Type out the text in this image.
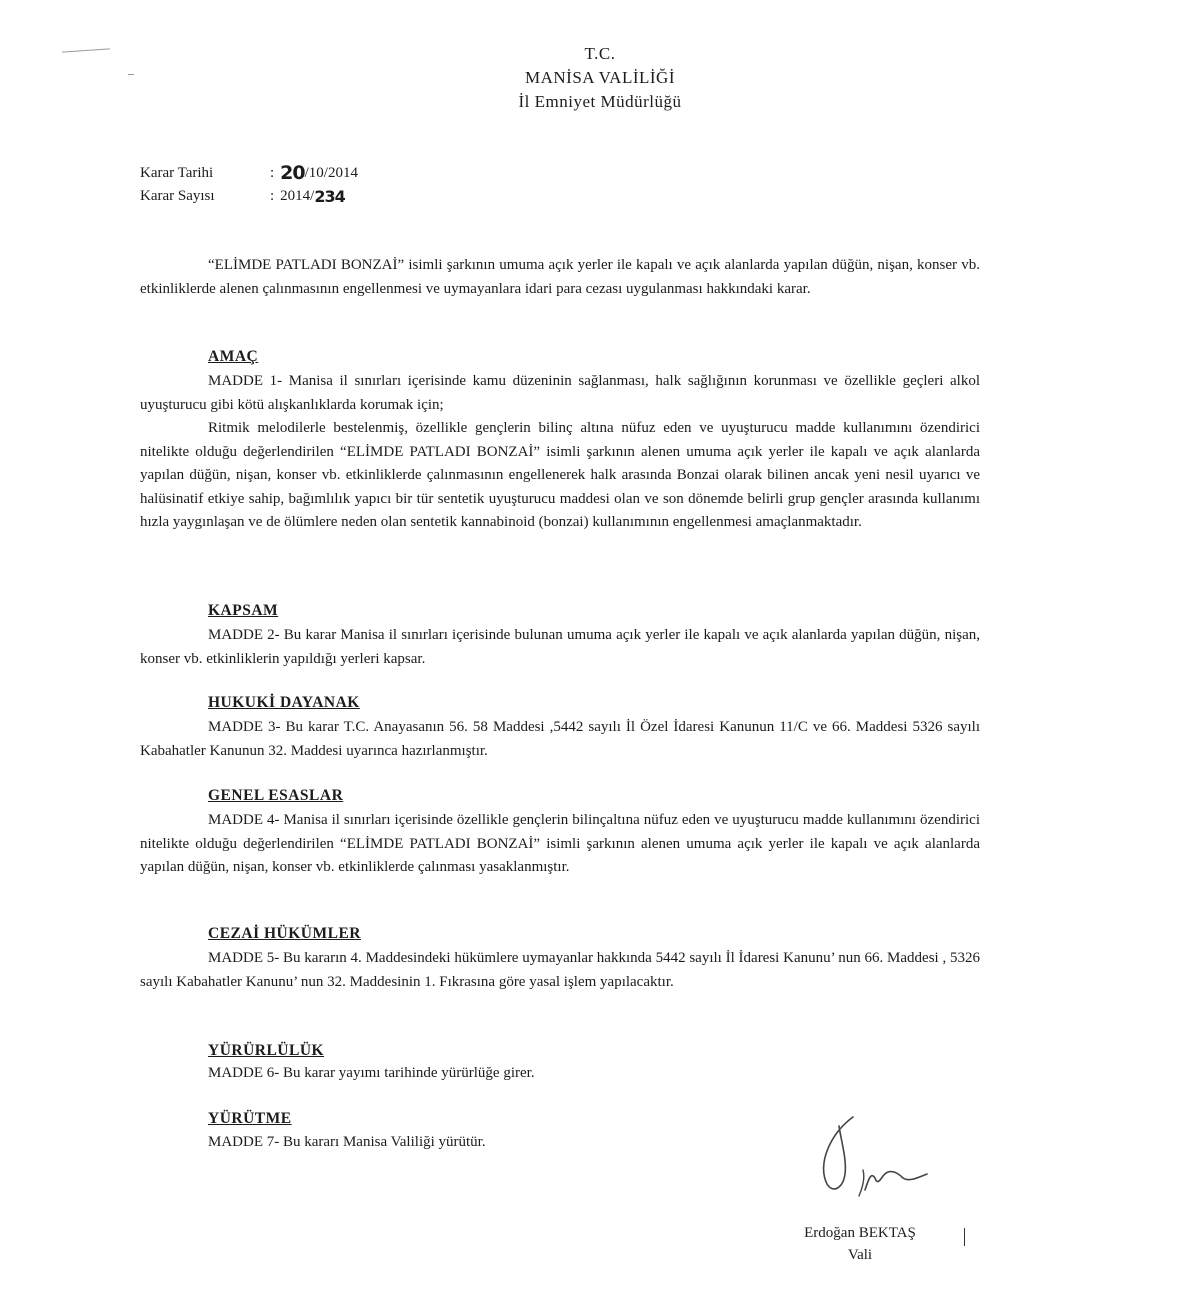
T.C.
MANİSA VALİLİĞİ
İl Emniyet Müdürlüğü
Karar Tarihi	: 20 /10/2014
Karar Sayısı	: 2014/ 234
“ELİMDE PATLADI BONZAİ” isimli şarkının umuma açık yerler ile kapalı ve açık alanlarda yapılan düğün, nişan, konser vb. etkinliklerde alenen çalınmasının engellenmesi ve uymayanlara idari para cezası uygulanması hakkındaki karar.
AMAÇ
MADDE 1- Manisa il sınırları içerisinde kamu düzeninin sağlanması, halk sağlığının korunması ve özellikle geçleri alkol uyuşturucu gibi kötü alışkanlıklarda korumak için;
Ritmik melodilerle bestelenmiş, özellikle gençlerin bilinç altına nüfuz eden ve uyuşturucu madde kullanımını özendirici nitelikte olduğu değerlendirilen “ELİMDE PATLADI BONZAİ” isimli şarkının alenen umuma açık yerler ile kapalı ve açık alanlarda yapılan düğün, nişan, konser vb. etkinliklerde çalınmasının engellenerek halk arasında Bonzai olarak bilinen ancak yeni nesil uyarıcı ve halüsinatif etkiye sahip, bağımlılık yapıcı bir tür sentetik uyuşturucu maddesi olan ve son dönemde belirli grup gençler arasında kullanımı hızla yaygınlaşan ve de ölümlere neden olan sentetik kannabinoid (bonzai) kullanımının engellenmesi amaçlanmaktadır.
KAPSAM
MADDE 2- Bu karar Manisa il sınırları içerisinde bulunan umuma açık yerler ile kapalı ve açık alanlarda yapılan düğün, nişan, konser vb. etkinliklerin yapıldığı yerleri kapsar.
HUKUKİ DAYANAK
MADDE 3- Bu karar T.C. Anayasanın 56. 58 Maddesi ,5442 sayılı İl Özel İdaresi Kanunun 11/C ve 66. Maddesi 5326 sayılı Kabahatler Kanunun 32. Maddesi uyarınca hazırlanmıştır.
GENEL ESASLAR
MADDE 4- Manisa il sınırları içerisinde özellikle gençlerin bilinçaltına nüfuz eden ve uyuşturucu madde kullanımını özendirici nitelikte olduğu değerlendirilen “ELİMDE PATLADI BONZAİ” isimli şarkının alenen umuma açık yerler ile kapalı ve açık alanlarda yapılan düğün, nişan, konser vb. etkinliklerde çalınması yasaklanmıştır.
CEZAİ HÜKÜMLER
MADDE 5- Bu kararın 4. Maddesindeki hükümlere uymayanlar hakkında 5442 sayılı İl İdaresi Kanunu’ nun 66. Maddesi , 5326 sayılı Kabahatler Kanunu’ nun 32. Maddesinin 1. Fıkrasına göre yasal işlem yapılacaktır.
YÜRÜRLÜLÜK
MADDE 6- Bu karar yayımı tarihinde yürürlüğe girer.
YÜRÜTME
MADDE 7- Bu kararı Manisa Valiliği yürütür.
Erdoğan BEKTAŞ
Vali
